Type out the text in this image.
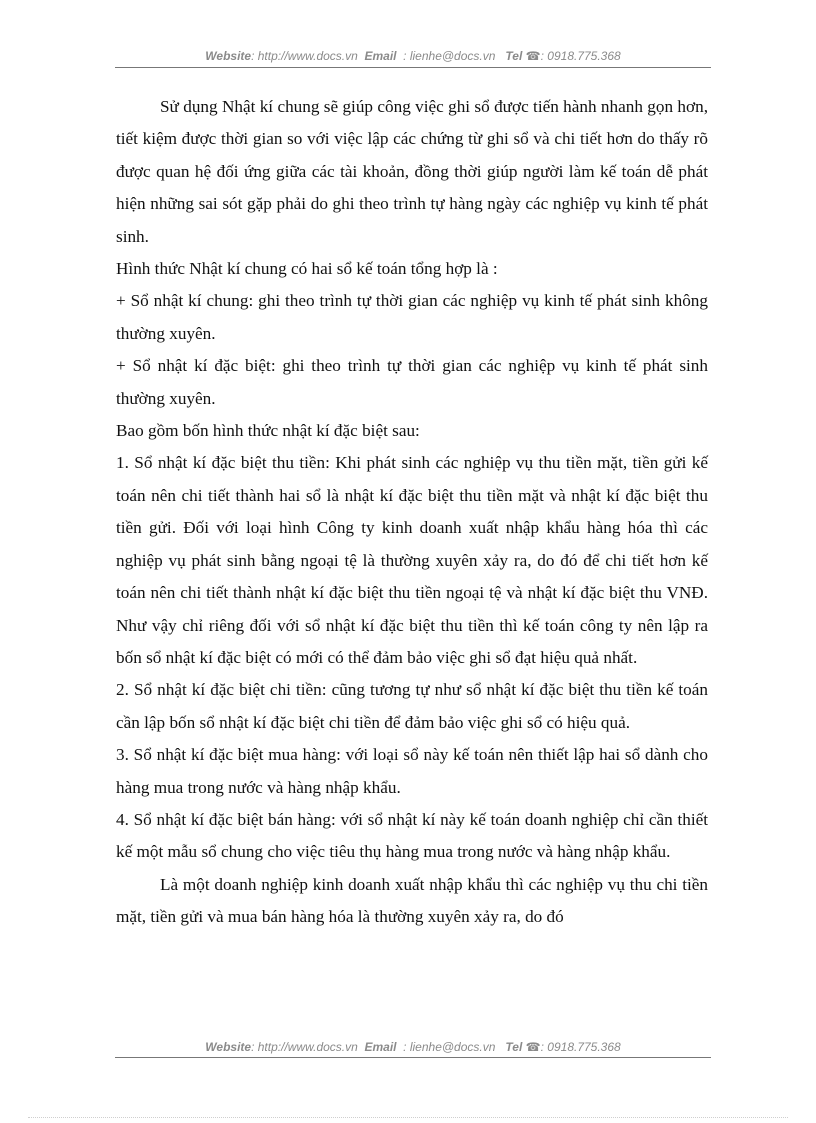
Website: http://www.docs.vn Email : lienhe@docs.vn Tel ☎: 0918.775.368

Sử dụng Nhật kí chung sẽ giúp công việc ghi sổ được tiến hành nhanh gọn hơn, tiết kiệm được thời gian so với việc lập các chứng từ ghi sổ và chi tiết hơn do thấy rõ được quan hệ đối ứng giữa các tài khoản, đồng thời giúp người làm kế toán dễ phát hiện những sai sót gặp phải do ghi theo trình tự hàng ngày các nghiệp vụ kinh tế phát sinh.

Hình thức Nhật kí chung có hai sổ kế toán tổng hợp là :

+ Sổ nhật kí chung: ghi theo trình tự thời gian các nghiệp vụ kinh tế phát sinh không thường xuyên.

+ Sổ nhật kí đặc biệt: ghi theo trình tự thời gian các nghiệp vụ kinh tế phát sinh thường xuyên.

Bao gồm bốn hình thức nhật kí đặc biệt sau:

1. Sổ nhật kí đặc biệt thu tiền: Khi phát sinh các nghiệp vụ thu tiền mặt, tiền gửi kế toán nên chi tiết thành hai sổ là nhật kí đặc biệt thu tiền mặt và nhật kí đặc biệt thu tiền gửi. Đối với loại hình Công ty kinh doanh xuất nhập khẩu hàng hóa thì các nghiệp vụ phát sinh bằng ngoại tệ là thường xuyên xảy ra, do đó để chi tiết hơn kế toán nên chi tiết thành nhật kí đặc biệt thu tiền ngoại tệ và nhật kí đặc biệt thu VNĐ. Như vậy chỉ riêng đối với sổ nhật kí đặc biệt thu tiền thì kế toán công ty nên lập ra bốn sổ nhật kí đặc biệt có mới có thể đảm bảo việc ghi sổ đạt hiệu quả nhất.

2. Sổ nhật kí đặc biệt chi tiền: cũng tương tự như sổ nhật kí đặc biệt thu tiền kế toán cần lập bốn sổ nhật kí đặc biệt chi tiền để đảm bảo việc ghi sổ có hiệu quả.

3. Sổ nhật kí đặc biệt mua hàng: với loại sổ này kế toán nên thiết lập hai sổ dành cho hàng mua trong nước và hàng nhập khẩu.

4. Sổ nhật kí đặc biệt bán hàng: với sổ nhật kí này kế toán doanh nghiệp chỉ cần thiết kế một mẫu sổ chung cho việc tiêu thụ hàng mua trong nước và hàng nhập khẩu.

Là một doanh nghiệp kinh doanh xuất nhập khẩu thì các nghiệp vụ thu chi tiền mặt, tiền gửi và mua bán hàng hóa là thường xuyên xảy ra, do đó

Website: http://www.docs.vn Email : lienhe@docs.vn Tel ☎: 0918.775.368
